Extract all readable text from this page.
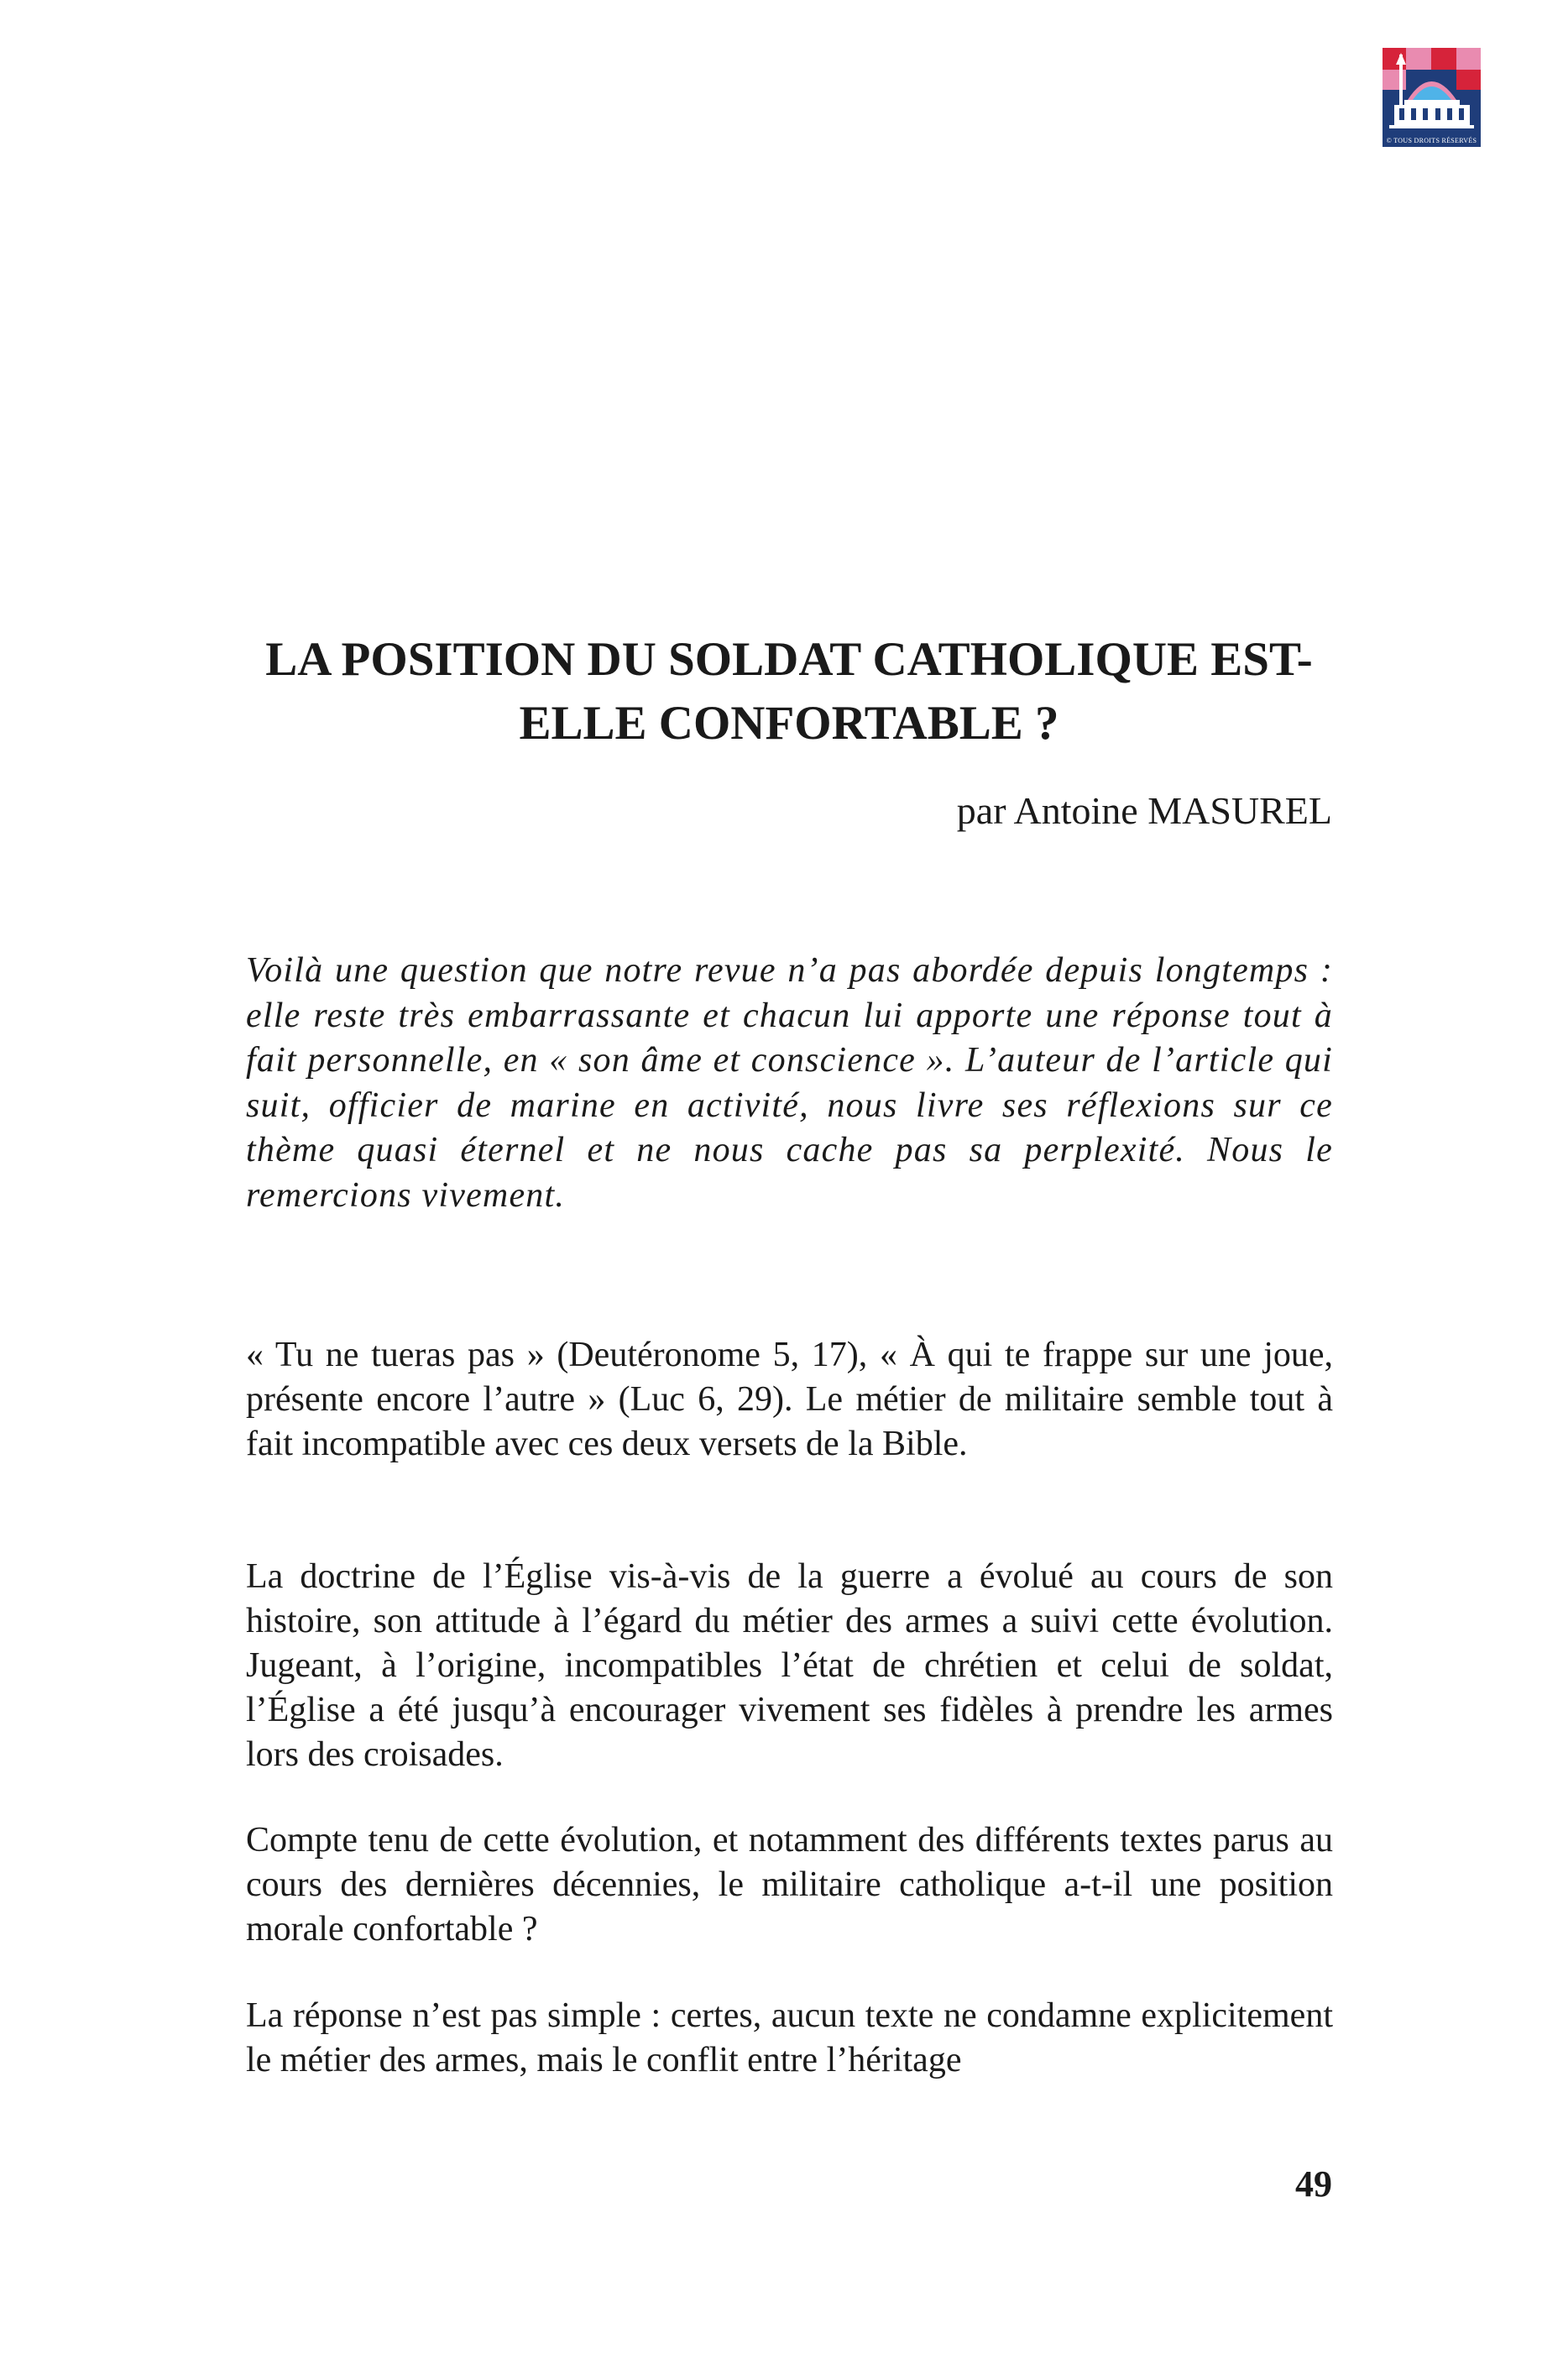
© TOUS DROITS RÉSERVÉS
LA POSITION DU SOLDAT CATHOLIQUE EST-ELLE CONFORTABLE ?

par Antoine MASUREL

Voilà une question que notre revue n’a pas abordée depuis longtemps : elle reste très embarrassante et chacun lui apporte une réponse tout à fait personnelle, en « son âme et conscience ». L’auteur de l’article qui suit, officier de marine en activité, nous livre ses réflexions sur ce thème quasi éternel et ne nous cache pas sa perplexité. Nous le remercions vivement.

« Tu ne tueras pas » (Deutéronome 5, 17), « À qui te frappe sur une joue, présente encore l’autre » (Luc 6, 29). Le métier de militaire semble tout à fait incompatible avec ces deux versets de la Bible.

La doctrine de l’Église vis-à-vis de la guerre a évolué au cours de son histoire, son attitude à l’égard du métier des armes a suivi cette évolution. Jugeant, à l’origine, incompatibles l’état de chrétien et celui de soldat, l’Église a été jusqu’à encourager vivement ses fidèles à prendre les armes lors des croisades.

Compte tenu de cette évolution, et notamment des différents textes parus au cours des dernières décennies, le militaire catholique a-t-il une position morale confortable ?

La réponse n’est pas simple : certes, aucun texte ne condamne explicitement le métier des armes, mais le conflit entre l’héritage

49
